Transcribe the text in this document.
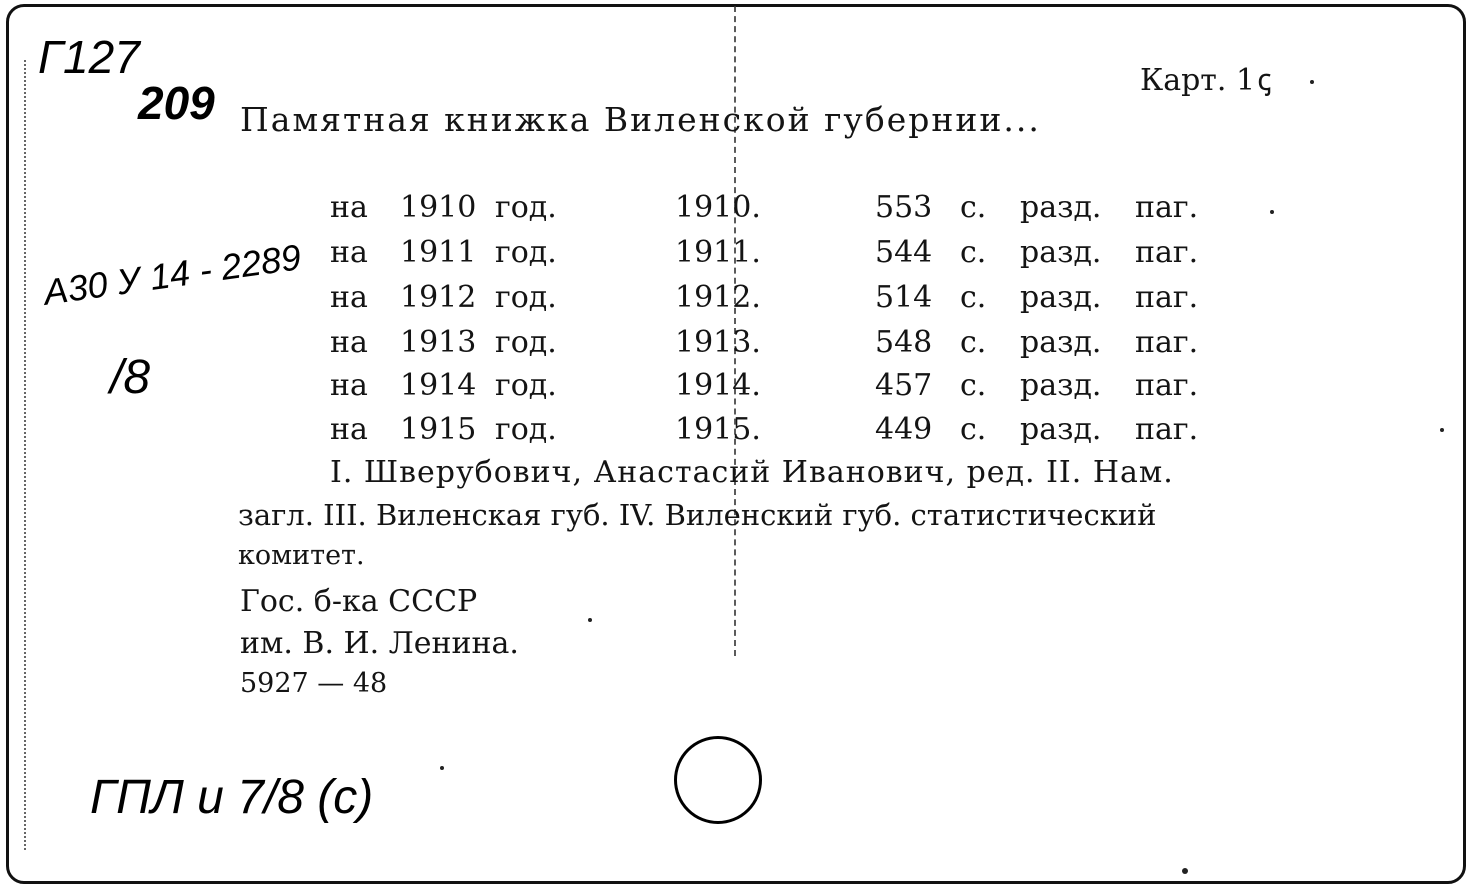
Г127
209	Карт. 1ꞔ
Памятная книжка Виленской губернии...
А30 У 14 - 2289
/8
на 1910 год.	1910.	553 с. разд. паг.
на 1911 год.	1911.	544 с. разд. паг.
на 1912 год.	1912.	514 с. разд. паг.
на 1913 год.	1913.	548 с. разд. паг.
на 1914 год.	1914.	457 с. разд. паг.
на 1915 год.	1915.	449 с. разд. паг.
I. Шверубович, Анастасий Иванович, ред. II. Нам.
загл. III. Виленская губ. IV. Виленский губ. статистический
комитет.
Гос. б-ка СССР
им. В. И. Ленина.
5927 — 48
ГПЛ и 7/8 (с)
